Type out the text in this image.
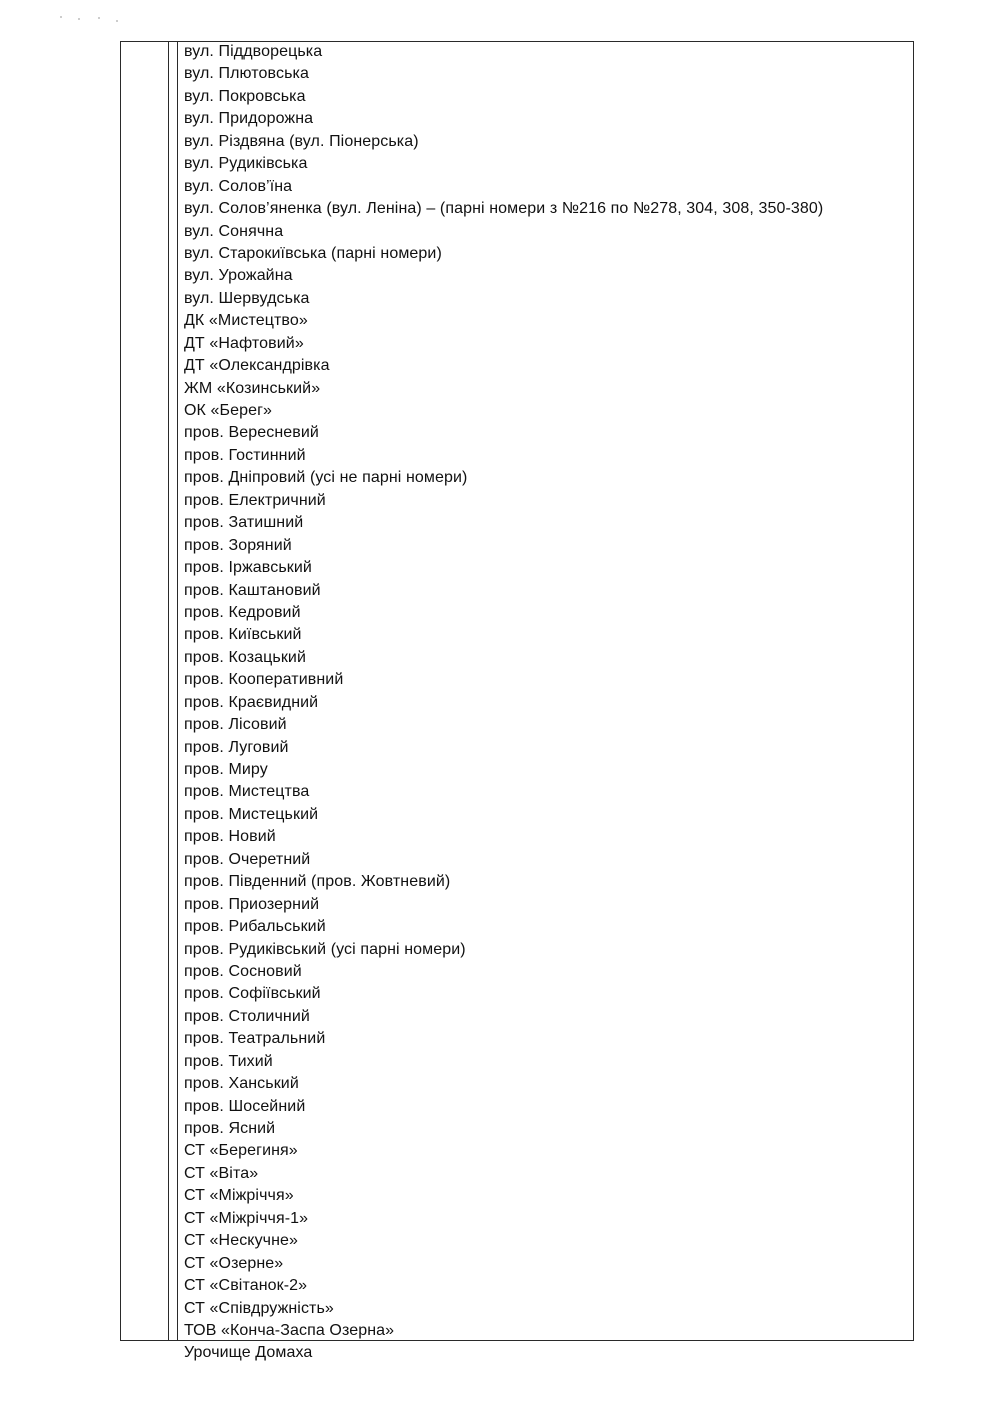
вул. Піддворецька
вул. Плютовська
вул. Покровська
вул. Придорожна
вул. Різдвяна (вул. Піонерська)
вул. Рудиківська
вул. Солов’їна
вул. Солов’яненка (вул. Леніна) – (парні номери з №216 по №278, 304, 308, 350-380)
вул. Сонячна
вул. Старокиївська (парні номери)
вул. Урожайна
вул. Шервудська
ДК «Мистецтво»
ДТ «Нафтовий»
ДТ «Олександрівка
ЖМ «Козинський»
ОК «Берег»
пров. Вересневий
пров. Гостинний
пров. Дніпровий (усі не парні номери)
пров. Електричний
пров. Затишний
пров. Зоряний
пров. Іржавський
пров. Каштановий
пров. Кедровий
пров. Київський
пров. Козацький
пров. Кооперативний
пров. Краєвидний
пров. Лісовий
пров. Луговий
пров. Миру
пров. Мистецтва
пров. Мистецький
пров. Новий
пров. Очеретний
пров. Південний (пров. Жовтневий)
пров. Приозерний
пров. Рибальський
пров. Рудиківський (усі парні номери)
пров. Сосновий
пров. Софіївський
пров. Столичний
пров. Театральний
пров. Тихий
пров. Ханський
пров. Шосейний
пров. Ясний
СТ «Берегиня»
СТ «Віта»
СТ «Міжріччя»
СТ «Міжріччя-1»
СТ «Нескучне»
СТ «Озерне»
СТ «Світанок-2»
СТ «Співдружність»
ТОВ «Конча-Заспа Озерна»
Урочище Домаха
